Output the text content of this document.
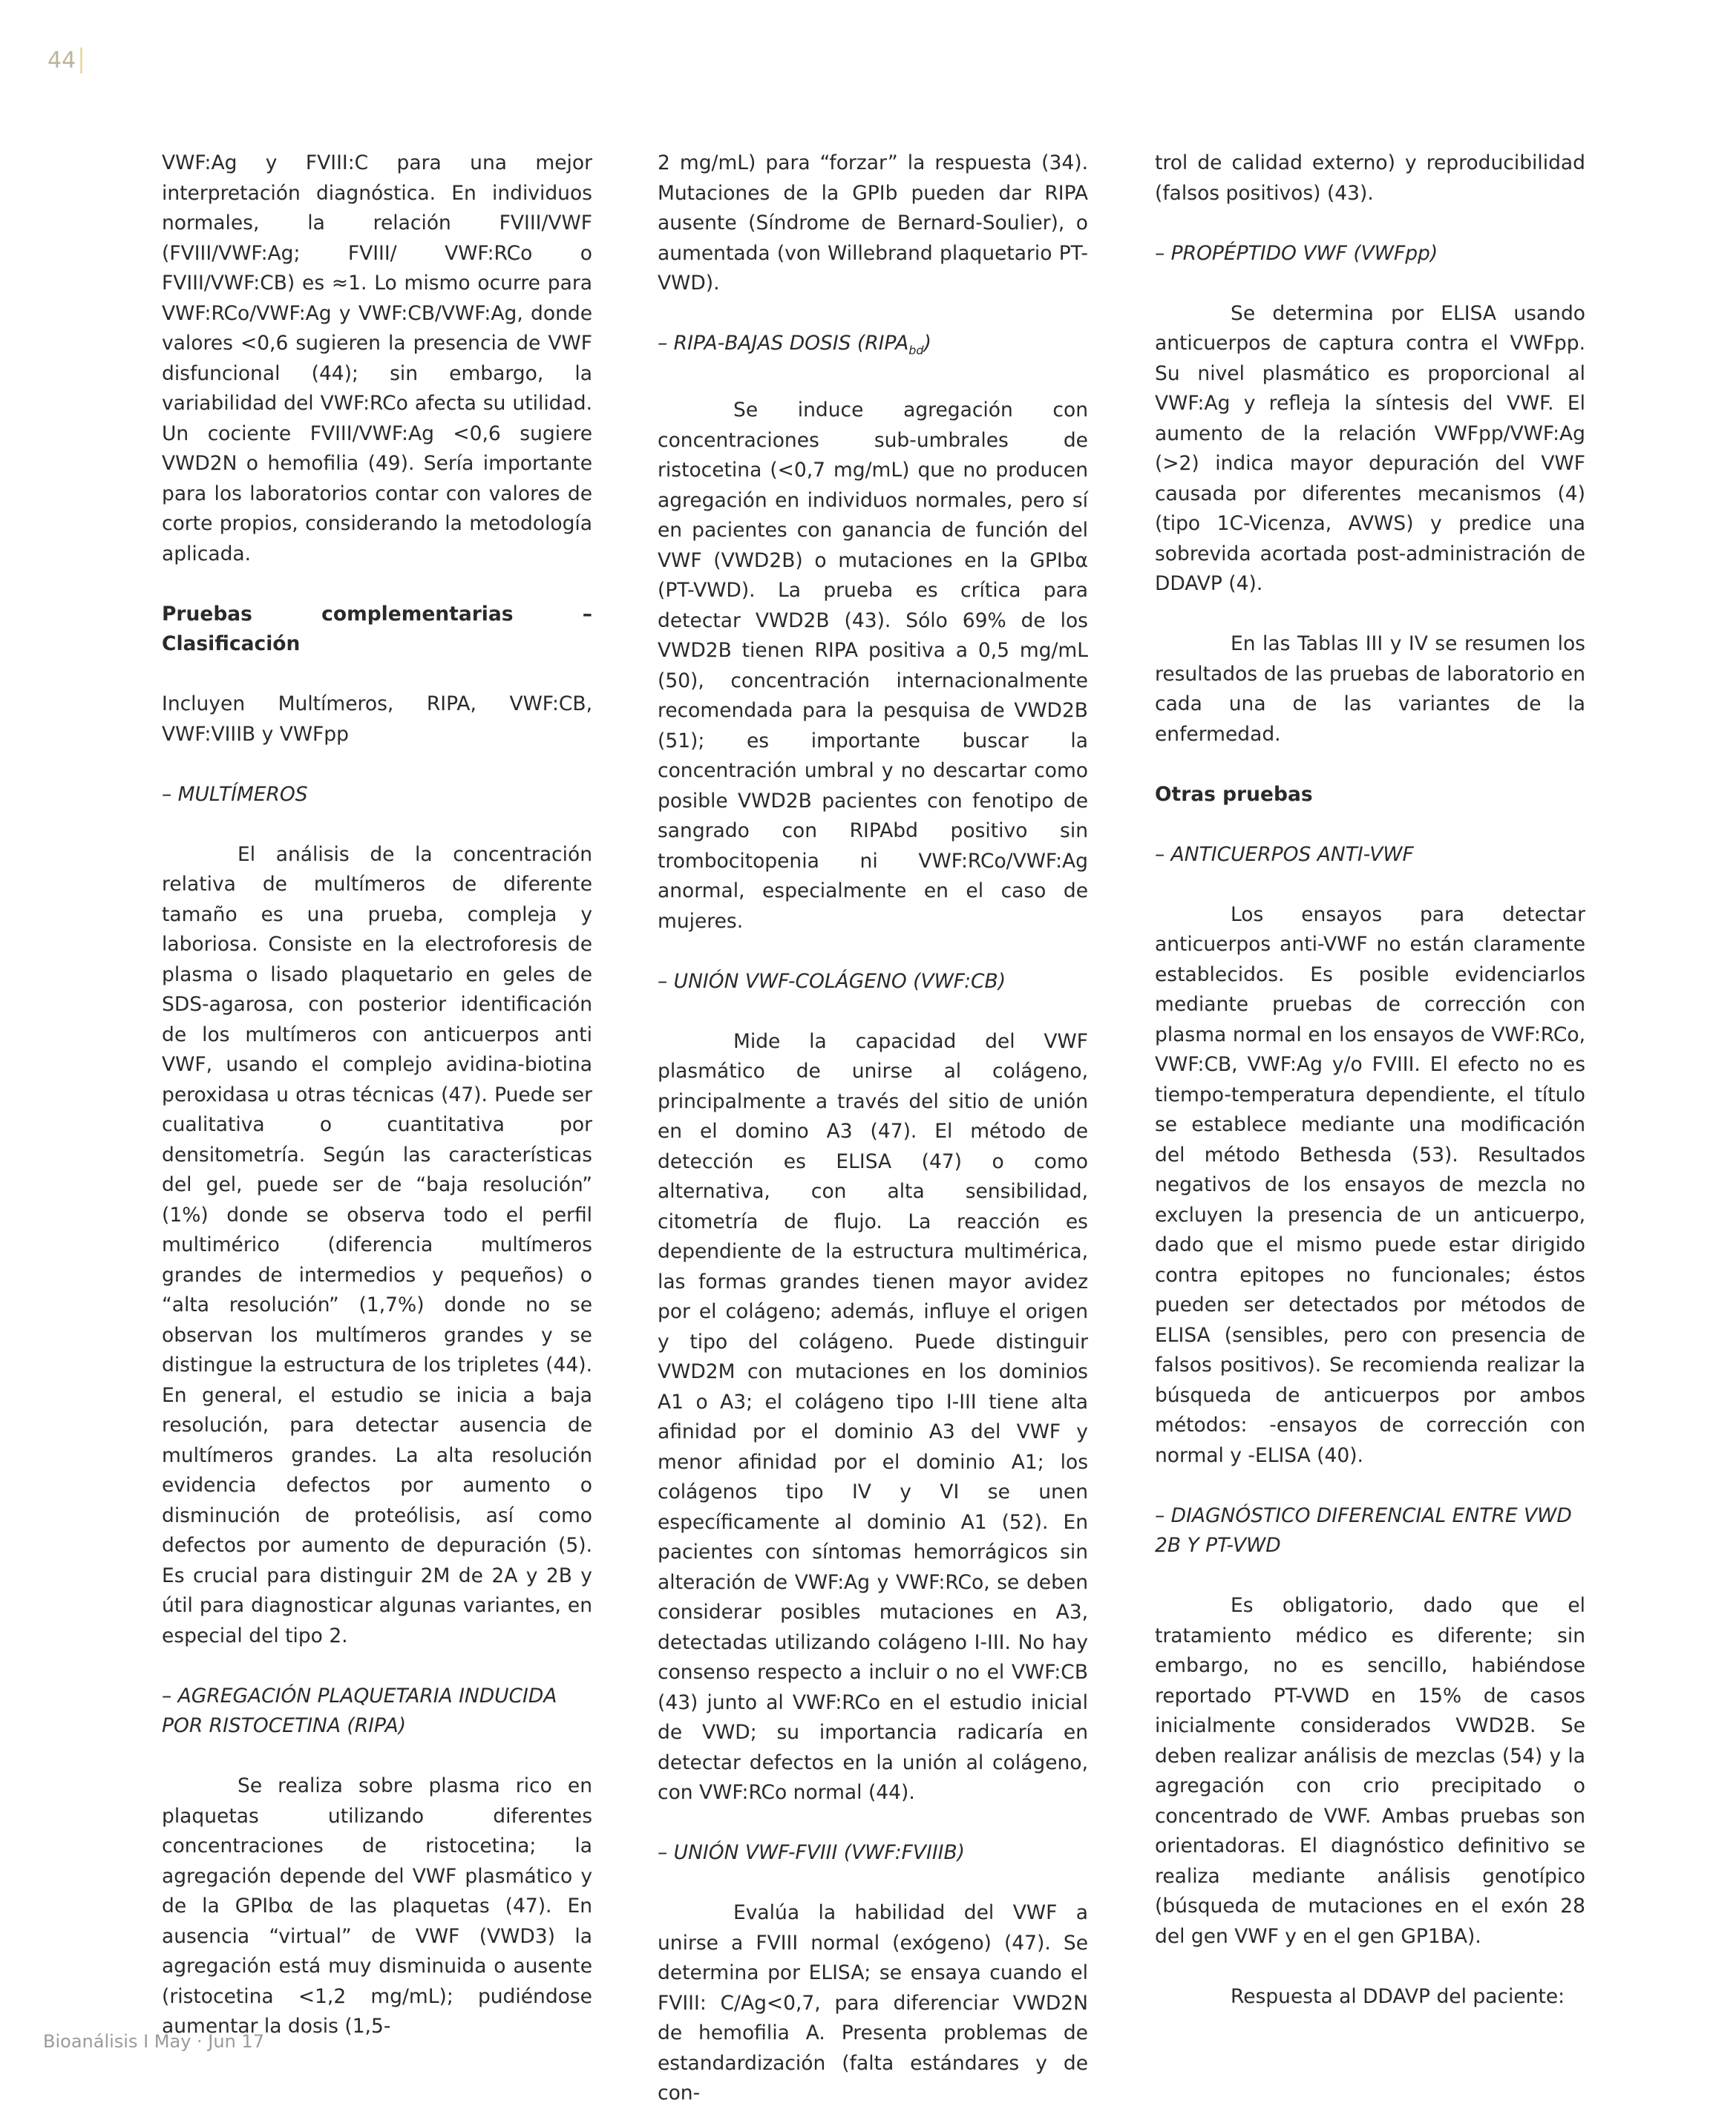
44

VWF:Ag y FVIII:C para una mejor interpretación diagnóstica. En individuos normales, la relación FVIII/VWF (FVIII/VWF:Ag; FVIII/ VWF:RCo o FVIII/VWF:CB) es ≈1. Lo mismo ocurre para VWF:RCo/VWF:Ag y VWF:CB/VWF:Ag, donde valores <0,6 sugieren la presencia de VWF disfuncional (44); sin embargo, la variabilidad del VWF:RCo afecta su utilidad. Un cociente FVIII/VWF:Ag <0,6 sugiere VWD2N o hemofilia (49). Sería importante para los laboratorios contar con valores de corte propios, considerando la metodología aplicada.

Pruebas complementarias – Clasificación

Incluyen Multímeros, RIPA, VWF:CB, VWF:VIIIB y VWFpp

– MULTÍMEROS

El análisis de la concentración relativa de multímeros de diferente tamaño es una prueba, compleja y laboriosa. Consiste en la electroforesis de plasma o lisado plaquetario en geles de SDS-agarosa, con posterior identificación de los multímeros con anticuerpos anti VWF, usando el complejo avidina-biotina peroxidasa u otras técnicas (47). Puede ser cualitativa o cuantitativa por densitometría. Según las características del gel, puede ser de “baja resolución” (1%) donde se observa todo el perfil multimérico (diferencia multímeros grandes de intermedios y pequeños) o “alta resolución” (1,7%) donde no se observan los multímeros grandes y se distingue la estructura de los tripletes (44). En general, el estudio se inicia a baja resolución, para detectar ausencia de multímeros grandes. La alta resolución evidencia defectos por aumento o disminución de proteólisis, así como defectos por aumento de depuración (5). Es crucial para distinguir 2M de 2A y 2B y útil para diagnosticar algunas variantes, en especial del tipo 2.

– AGREGACIÓN PLAQUETARIA INDUCIDA POR RISTOCETINA (RIPA)

Se realiza sobre plasma rico en plaquetas utilizando diferentes concentraciones de ristocetina; la agregación depende del VWF plasmático y de la GPIbα de las plaquetas (47). En ausencia “virtual” de VWF (VWD3) la agregación está muy disminuida o ausente (ristocetina <1,2 mg/mL); pudiéndose aumentar la dosis (1,5-

2 mg/mL) para “forzar” la respuesta (34). Mutaciones de la GPIb pueden dar RIPA ausente (Síndrome de Bernard-Soulier), o aumentada (von Willebrand plaquetario PT-VWD).

– RIPA-BAJAS DOSIS $(RIPA_{bd})$

Se induce agregación con concentraciones sub-umbrales de ristocetina (<0,7 mg/mL) que no producen agregación en individuos normales, pero sí en pacientes con ganancia de función del VWF (VWD2B) o mutaciones en la GPIbα (PT-VWD). La prueba es crítica para detectar VWD2B (43). Sólo 69% de los VWD2B tienen RIPA positiva a 0,5 mg/mL (50), concentración internacionalmente recomendada para la pesquisa de VWD2B (51); es importante buscar la concentración umbral y no descartar como posible VWD2B pacientes con fenotipo de sangrado con RIPAbd positivo sin trombocitopenia ni VWF:RCo/VWF:Ag anormal, especialmente en el caso de mujeres.

– UNIÓN VWF-COLÁGENO (VWF:CB)

Mide la capacidad del VWF plasmático de unirse al colágeno, principalmente a través del sitio de unión en el domino A3 (47). El método de detección es ELISA (47) o como alternativa, con alta sensibilidad, citometría de flujo. La reacción es dependiente de la estructura multimérica, las formas grandes tienen mayor avidez por el colágeno; además, influye el origen y tipo del colágeno. Puede distinguir VWD2M con mutaciones en los dominios A1 o A3; el colágeno tipo I-III tiene alta afinidad por el dominio A3 del VWF y menor afinidad por el dominio A1; los colágenos tipo IV y VI se unen específicamente al dominio A1 (52). En pacientes con síntomas hemorrágicos sin alteración de VWF:Ag y VWF:RCo, se deben considerar posibles mutaciones en A3, detectadas utilizando colágeno I-III. No hay consenso respecto a incluir o no el VWF:CB (43) junto al VWF:RCo en el estudio inicial de VWD; su importancia radicaría en detectar defectos en la unión al colágeno, con VWF:RCo normal (44).

– UNIÓN VWF-FVIII (VWF:FVIIIB)

Evalúa la habilidad del VWF a unirse a FVIII normal (exógeno) (47). Se determina por ELISA; se ensaya cuando el FVIII: C/Ag<0,7, para diferenciar VWD2N de hemofilia A. Presenta problemas de estandardización (falta estándares y de con-

trol de calidad externo) y reproducibilidad (falsos positivos) (43).

– PROPÉPTIDO VWF (VWFpp)

Se determina por ELISA usando anticuerpos de captura contra el VWFpp. Su nivel plasmático es proporcional al VWF:Ag y refleja la síntesis del VWF. El aumento de la relación VWFpp/VWF:Ag (>2) indica mayor depuración del VWF causada por diferentes mecanismos (4) (tipo 1C-Vicenza, AVWS) y predice una sobrevida acortada post-administración de DDAVP (4).

En las Tablas III y IV se resumen los resultados de las pruebas de laboratorio en cada una de las variantes de la enfermedad.

Otras pruebas

– ANTICUERPOS ANTI-VWF

Los ensayos para detectar anticuerpos anti-VWF no están claramente establecidos. Es posible evidenciarlos mediante pruebas de corrección con plasma normal en los ensayos de VWF:RCo, VWF:CB, VWF:Ag y/o FVIII. El efecto no es tiempo-temperatura dependiente, el título se establece mediante una modificación del método Bethesda (53). Resultados negativos de los ensayos de mezcla no excluyen la presencia de un anticuerpo, dado que el mismo puede estar dirigido contra epitopes no funcionales; éstos pueden ser detectados por métodos de ELISA (sensibles, pero con presencia de falsos positivos). Se recomienda realizar la búsqueda de anticuerpos por ambos métodos: -ensayos de corrección con normal y -ELISA (40).

– DIAGNÓSTICO DIFERENCIAL ENTRE VWD 2B Y PT-VWD

Es obligatorio, dado que el tratamiento médico es diferente; sin embargo, no es sencillo, habiéndose reportado PT-VWD en 15% de casos inicialmente considerados VWD2B. Se deben realizar análisis de mezclas (54) y la agregación con crio precipitado o concentrado de VWF. Ambas pruebas son orientadoras. El diagnóstico definitivo se realiza mediante análisis genotípico (búsqueda de mutaciones en el exón 28 del gen VWF y en el gen GP1BA).

Respuesta al DDAVP del paciente:

Bioanálisis I May · Jun 17
